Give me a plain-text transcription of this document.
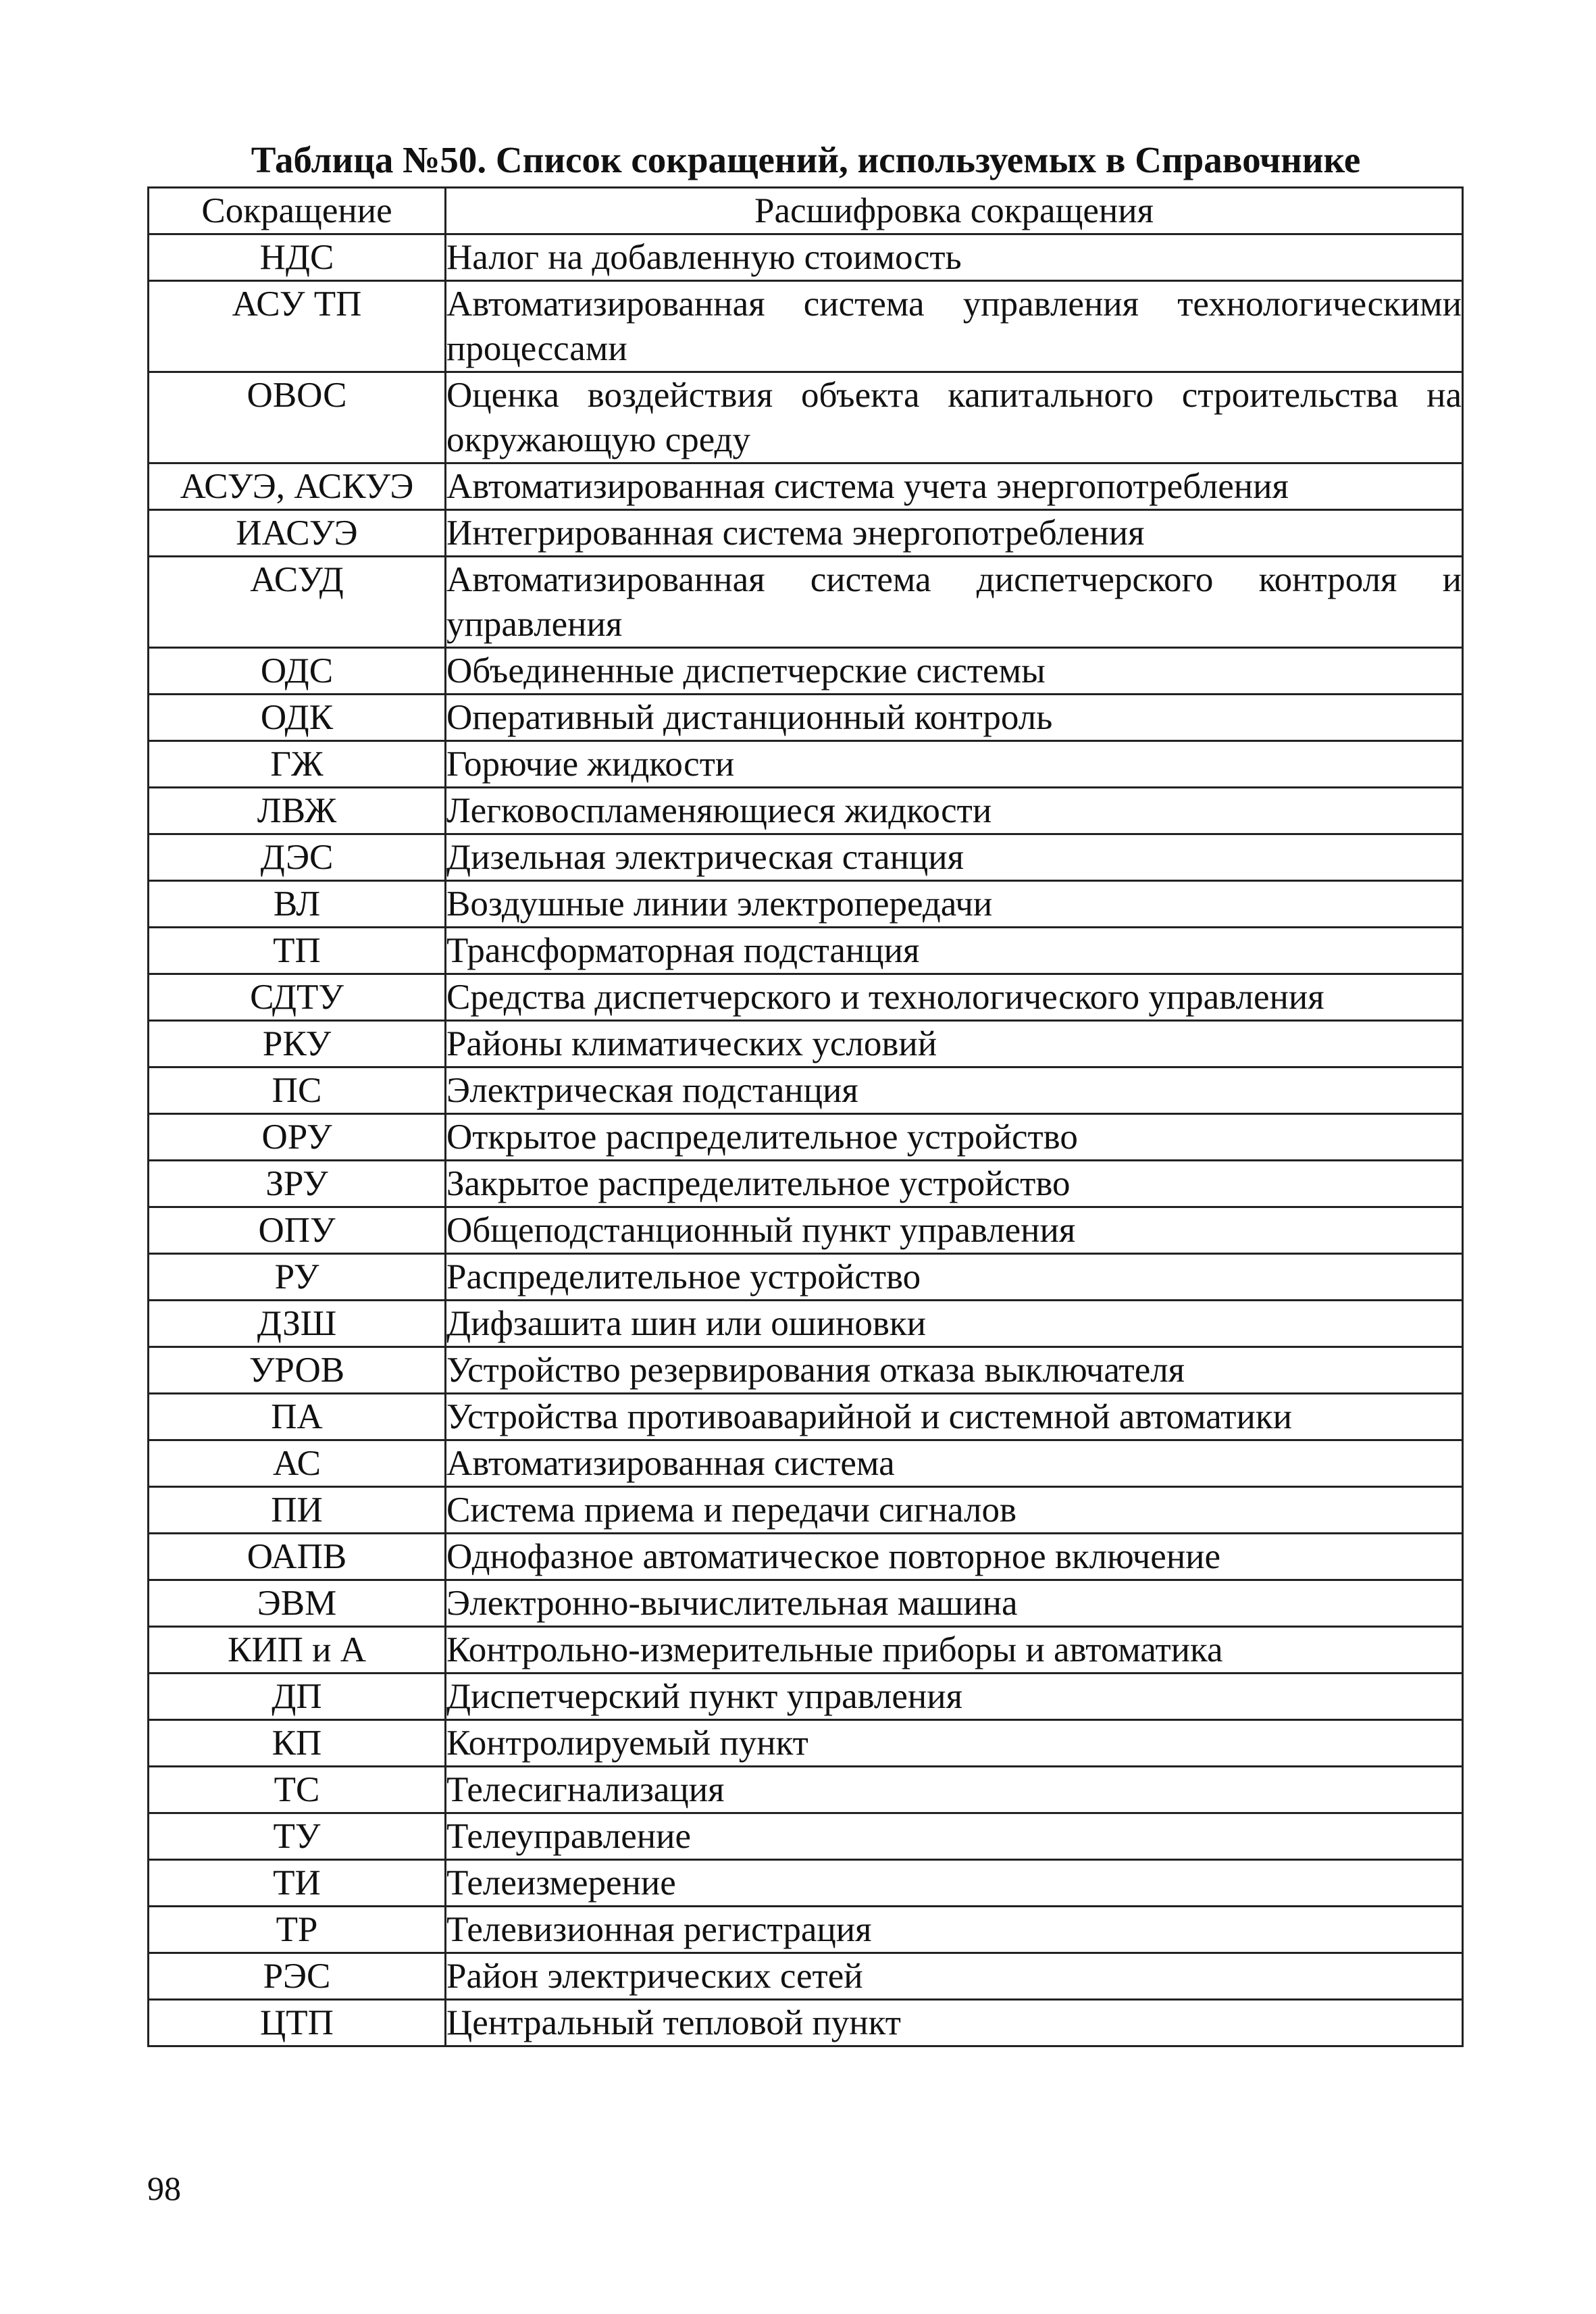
Таблица №50. Список сокращений, используемых в Справочнике
Сокращение	Расшифровка сокращения
НДС	Налог на добавленную стоимость
АСУ ТП	Автоматизированная система управления технологическими процессами
ОВОС	Оценка воздействия объекта капитального строительства на окружающую среду
АСУЭ, АСКУЭ	Автоматизированная система учета энергопотребления
ИАСУЭ	Интегрированная система энергопотребления
АСУД	Автоматизированная система диспетчерского контроля и управления
ОДС	Объединенные диспетчерские системы
ОДК	Оперативный дистанционный контроль
ГЖ	Горючие жидкости
ЛВЖ	Легковоспламеняющиеся жидкости
ДЭС	Дизельная электрическая станция
ВЛ	Воздушные линии электропередачи
ТП	Трансформаторная подстанция
СДТУ	Средства диспетчерского и технологического управления
РКУ	Районы климатических условий
ПС	Электрическая подстанция
ОРУ	Открытое распределительное устройство
ЗРУ	Закрытое распределительное устройство
ОПУ	Общеподстанционный пункт управления
РУ	Распределительное устройство
ДЗШ	Дифзашита шин или ошиновки
УРОВ	Устройство резервирования отказа выключателя
ПА	Устройства противоаварийной и системной автоматики
АС	Автоматизированная система
ПИ	Система приема и передачи сигналов
ОАПВ	Однофазное автоматическое повторное включение
ЭВМ	Электронно-вычислительная машина
КИП и А	Контрольно-измерительные приборы и автоматика
ДП	Диспетчерский пункт управления
КП	Контролируемый пункт
ТС	Телесигнализация
ТУ	Телеуправление
ТИ	Телеизмерение
ТР	Телевизионная регистрация
РЭС	Район электрических сетей
ЦТП	Центральный тепловой пункт
98
